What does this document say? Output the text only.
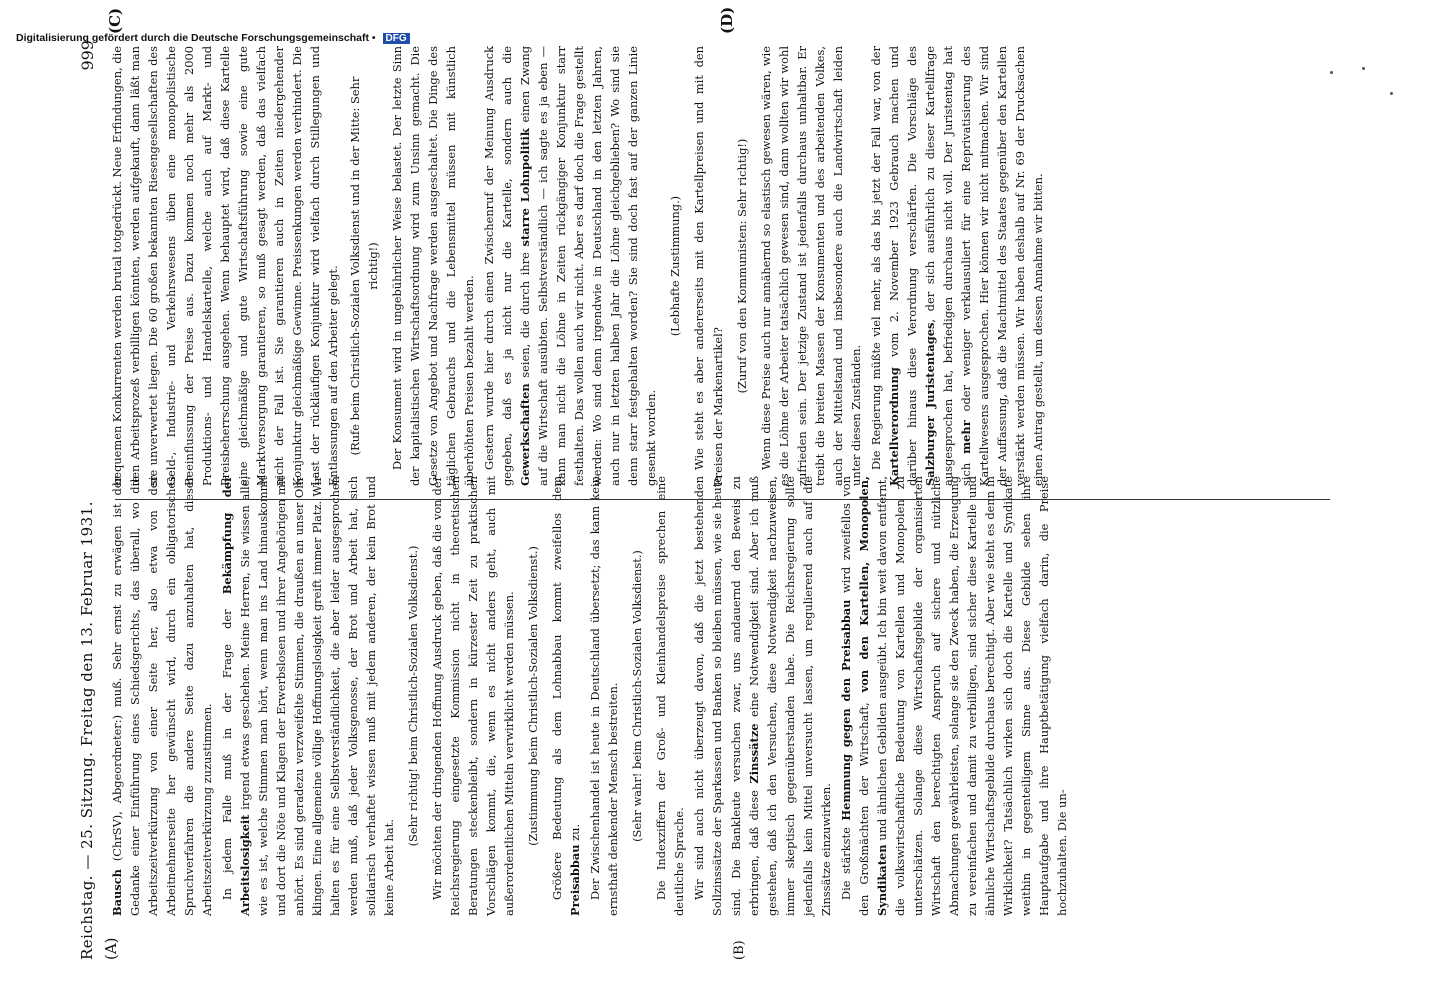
Reichstag. — 25. Sitzung. Freitag den 13. Februar 1931.
999
(A)	(B)
(C)	(D)

Bausch (ChrSV), Abgeordneter:) muß. Sehr ernst zu erwägen ist der Gedanke einer Einführung eines Schiedsgerichts, das überall, wo die Arbeitszeitverkürzung von einer Seite her, also etwa von der Arbeitnehmerseite her gewünscht wird, durch ein obligatorisches Spruchverfahren die andere Seite dazu anzuhalten hat, dieser Arbeitszeitverkürzung zuzustimmen. In jedem Falle muß in der Frage der Bekämpfung der Arbeitslosigkeit irgend etwas geschehen. Meine Herren, Sie wissen alle, wie es ist, welche Stimmen man hört, wenn man ins Land hinauskommt und dort die Nöte und Klagen der Erwerbslosen und ihrer Angehörigen mit anhört. Es sind geradezu verzweifelte Stimmen, die draußen an unser Ohr klingen. Eine allgemeine völlige Hoffnungslosigkeit greift immer Platz. Wir halten es für eine Selbstverständlichkeit, die aber leider ausgesprochen werden muß, daß jeder Volksgenosse, der Brot und Arbeit hat, sich solidarisch verhaftet wissen muß mit jedem anderen, der kein Brot und keine Arbeit hat.

(Sehr richtig! beim Christlich-Sozialen Volksdienst.) Wir möchten der dringenden Hoffnung Ausdruck geben, daß die von der Reichsregierung eingesetzte Kommission nicht in theoretischen Beratungen steckenbleibt, sondern in kürzester Zeit zu praktischen Vorschlägen kommt, die, wenn es nicht anders geht, auch mit außerordentlichen Mitteln verwirklicht werden müssen. (Zustimmung beim Christlich-Sozialen Volksdienst.) Größere Bedeutung als dem Lohnabbau kommt zweifellos dem Preisabbau zu. Der Zwischenhandel ist heute in Deutschland übersetzt; das kann kein ernsthaft denkender Mensch bestreiten. (Sehr wahr! beim Christlich-Sozialen Volksdienst.) Die Indexziffern der Groß- und Kleinhandelspreise sprechen eine deutliche Sprache. Wir sind auch nicht überzeugt davon, daß die jetzt bestehenden Sollzinssätze der Sparkassen und Banken so bleiben müssen, wie sie heute sind. Die Bankleute versuchen zwar, uns andauernd den Beweis zu erbringen, daß diese Zinssätze eine Notwendigkeit sind. Aber ich muß gestehen, daß ich den Versuchen, diese Notwendigkeit nachzuweisen, immer skeptisch gegenüberstanden habe. Die Reichsregierung sollte jedenfalls kein Mittel unversucht lassen, um regulierend auch auf die Zinssätze einzuwirken. Die stärkste Hemmung gegen den Preisabbau wird zweifellos von den Großmächten der Wirtschaft, von den Kartellen, Monopolen, Syndikaten und ähnlichen Gebilden ausgeübt. Ich bin weit davon entfernt, die volkswirtschaftliche Bedeutung von Kartellen und Monopolen zu unterschätzen. Solange diese Wirtschaftsgebilde der organisierten Wirtschaft den berechtigten Anspruch auf sichere und nützliche Abmachungen gewährleisten, solange sie den Zweck haben, die Erzeugung zu vereinfachen und damit zu verbilligen, sind sicher diese Kartelle und ähnliche Wirtschaftsgebilde durchaus berechtigt. Aber wie steht es denn in Wirklichkeit? Tatsächlich wirken sich doch die Kartelle und Syndikate weithin in gegenteiligem Sinne aus. Diese Gebilde sehen ihre Hauptaufgabe und ihre Hauptbetätigung vielfach darin, die Preise hochzuhalten. Die un-

bequemen Konkurrenten werden brutal totgedrückt. Neue Erfindungen, die den Arbeitsprozeß verbilligen könnten, werden aufgekauft, dann läßt man sie unverwertet liegen. Die 60 großen bekannten Riesengesellschaften des Geld-, Industrie- und Verkehrswesens üben eine monopolistische Beeinflussung der Preise aus. Dazu kommen noch mehr als 2000 Produktions- und Handelskartelle, welche auch auf Markt- und Preisbeherrschung ausgehen. Wenn behauptet wird, daß diese Kartelle eine gleichmäßige und gute Wirtschaftsführung sowie eine gute Marktversorgung garantieren, so muß gesagt werden, daß das vielfach nicht der Fall ist. Sie garantieren auch in Zeiten niedergehender Konjunktur gleichmäßige Gewinne. Preissenkungen werden verhindert. Die Last der rückläufigen Konjunktur wird vielfach durch Stillegungen und Entlassungen auf den Arbeiter gelegt. (Rufe beim Christlich-Sozialen Volksdienst und in der Mitte: Sehr richtig!) Der Konsument wird in ungebührlicher Weise belastet. Der letzte Sinn der kapitalistischen Wirtschaftsordnung wird zum Unsinn gemacht. Die Gesetze von Angebot und Nachfrage werden ausgeschaltet. Die Dinge des täglichen Gebrauchs und die Lebensmittel müssen mit künstlich überhöhten Preisen bezahlt werden. Gestern wurde hier durch einen Zwischenruf der Meinung Ausdruck gegeben, daß es ja nicht nur die Kartelle, sondern auch die Gewerkschaften seien, die durch ihre starre Lohnpolitik einen Zwang auf die Wirtschaft ausübten. Selbstverständlich — ich sagte es ja eben — kann man nicht die Löhne in Zeiten rückgängiger Konjunktur starr festhalten. Das wollen auch wir nicht. Aber es darf doch die Frage gestellt werden: Wo sind denn irgendwie in Deutschland in den letzten Jahren, auch nur in letzten halben Jahr die Löhne gleichgeblieben? Wo sind sie denn starr festgehalten worden? Sie sind doch fast auf der ganzen Linie gesenkt worden.

(Lebhafte Zustimmung.) Wie steht es aber andererseits mit den Kartellpreisen und mit den Preisen der Markenartikel?

(Zuruf von den Kommunisten: Sehr richtig!) Wenn diese Preise auch nur annähernd so elastisch gewesen wären, wie es die Löhne der Arbeiter tatsächlich gewesen sind, dann wollten wir wohl zufrieden sein. Der jetzige Zustand ist jedenfalls durchaus unhaltbar. Er treibt die breiten Massen der Konsumenten und des arbeitenden Volkes, auch der Mittelstand und insbesondere auch die Landwirtschaft leiden unter diesen Zuständen. Die Regierung müßte viel mehr, als das bis jetzt der Fall war, von der Kartellverordnung vom 2. November 1923 Gebrauch machen und darüber hinaus diese Verordnung verschärfen. Die Vorschläge des Salzburger Juristentages, der sich ausführlich zu dieser Kartellfrage ausgesprochen hat, befriedigen durchaus nicht voll. Der Juristentag hat sich mehr oder weniger verklausuliert für eine Reprivatisierung des Kartellwesens ausgesprochen. Hier können wir nicht mitmachen. Wir sind der Auffassung, daß die Machtmittel des Staates gegenüber den Kartellen verstärkt werden müssen. Wir haben deshalb auf Nr. 69 der Drucksachen einen Antrag gestellt, um dessen Annahme wir bitten.

Digitalisierung gefördert durch die Deutsche Forschungsgemeinschaft • DFG
